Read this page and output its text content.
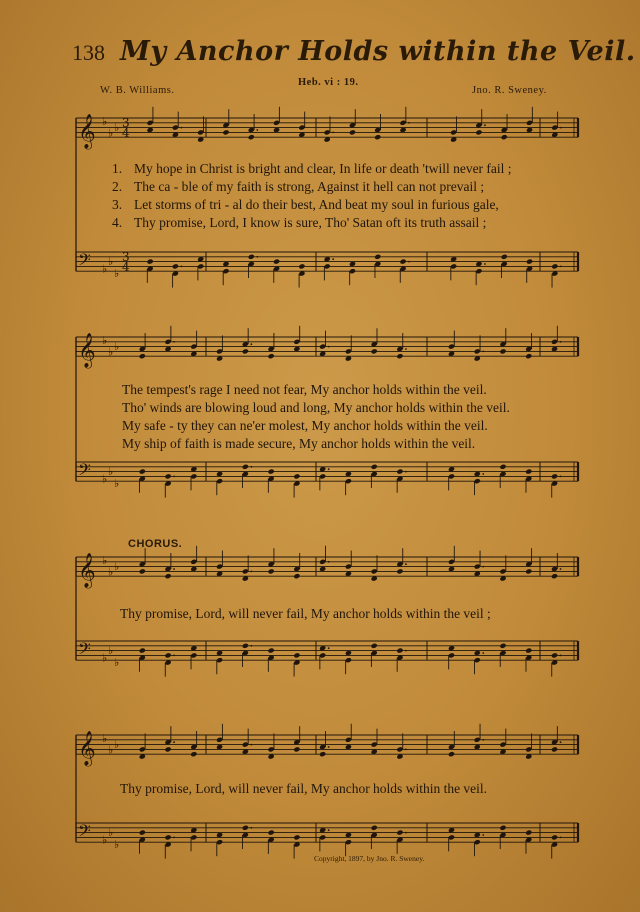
138 My Anchor Holds within the Veil.
W. B. Williams.
Heb. vi : 19.
Jno. R. Sweney.
𝄞 ♭
♭ ♭
𝄢 ♭
♭
♭
3
4
3
4
𝄞 ♭
♭ ♭
𝄢 ♭
♭
♭
𝄞 ♭
♭ ♭
𝄢 ♭
♭
♭
𝄞 ♭
♭ ♭
𝄢 ♭
♭
♭
1. My hope in Christ is bright and clear, In life or death 'twill never fail ;
2. The ca - ble of my faith is strong, Against it hell can not prevail ;
3. Let storms of tri - al do their best, And beat my soul in furious gale,
4. Thy promise, Lord, I know is sure, Tho' Satan oft its truth assail ;
The tempest's rage I need not fear, My anchor holds within the veil.
Tho' winds are blowing loud and long, My anchor holds within the veil.
My safe - ty they can ne'er molest, My anchor holds within the veil.
My ship of faith is made secure, My anchor holds within the veil.
CHORUS.
Thy promise, Lord, will never fail, My anchor holds within the veil ;
Thy promise, Lord, will never fail, My anchor holds within the veil.
Copyright, 1897, by Jno. R. Sweney.
